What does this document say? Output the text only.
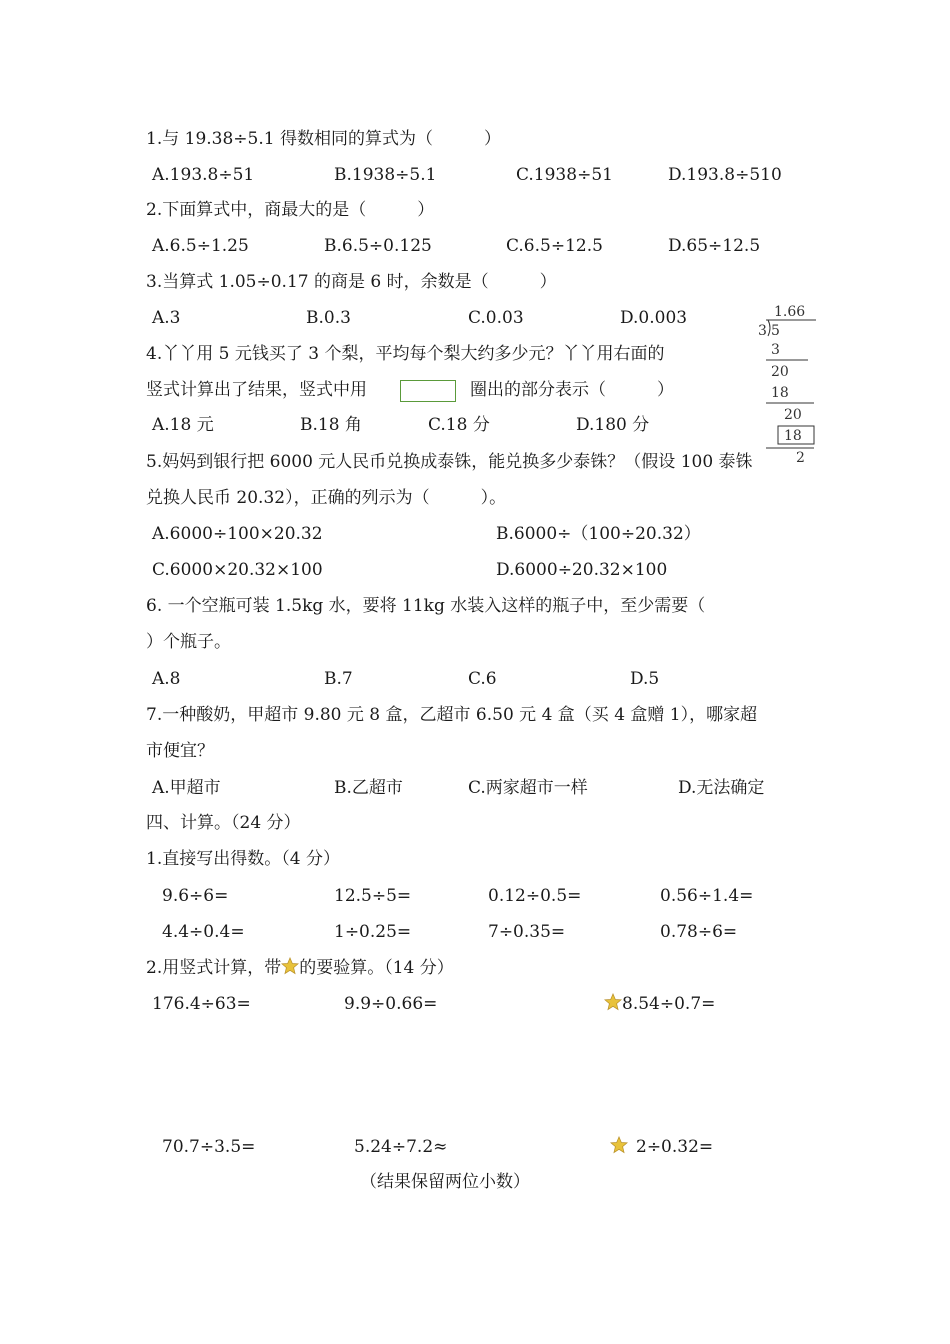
1.与 19.38÷5.1 得数相同的算式为（　　　）
A.193.8÷51	B.1938÷5.1	C.1938÷51	D.193.8÷510
2.下面算式中，商最大的是（　　　）
A.6.5÷1.25	B.6.5÷0.125	C.6.5÷12.5	D.65÷12.5
3.当算式 1.05÷0.17 的商是 6 时，余数是（　　　）
A.3	B.0.3	C.0.03	D.0.003
4.丫丫用 5 元钱买了 3 个梨，平均每个梨大约多少元？丫丫用右面的
竖式计算出了结果，竖式中用	圈出的部分表示（　　　）
A.18 元	B.18 角	C.18 分	D.180 分
1.66
3 5
3
20
18
20
18
2
5.妈妈到银行把 6000 元人民币兑换成泰铢，能兑换多少泰铢？（假设 100 泰铢
兑换人民币 20.32），正确的列示为（　　　）。
A.6000÷100×20.32	B.6000÷（100÷20.32）
C.6000×20.32×100	D.6000÷20.32×100
6. 一个空瓶可装 1.5kg 水，要将 11kg 水装入这样的瓶子中，至少需要（
）个瓶子。
A.8	B.7	C.6	D.5
7.一种酸奶，甲超市 9.80 元 8 盒，乙超市 6.50 元 4 盒（买 4 盒赠 1），哪家超
市便宜？
A.甲超市	B.乙超市	C.两家超市一样	D.无法确定
四、计算。（24 分）
1.直接写出得数。（4 分）
9.6÷6=	12.5÷5=	0.12÷0.5=	0.56÷1.4=
4.4÷0.4=	1÷0.25=	7÷0.35=	0.78÷6=
2.用竖式计算，带 的要验算。（14 分）
176.4÷63=	9.9÷0.66=	8.54÷0.7=
70.7÷3.5=	5.24÷7.2≈	2÷0.32=
（结果保留两位小数）
